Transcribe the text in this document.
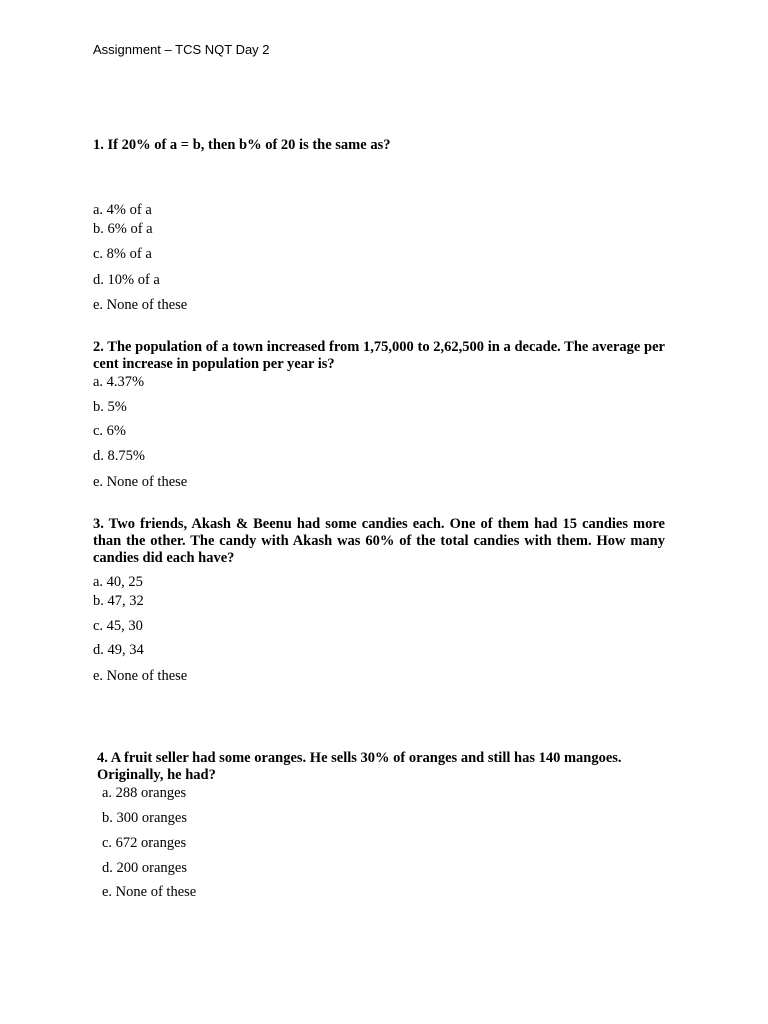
Assignment – TCS NQT Day 2
1. If 20% of a = b, then b% of 20 is the same as?
a. 4% of a
b. 6% of a
c. 8% of a
d. 10% of a
e. None of these
2. The population of a town increased from 1,75,000 to 2,62,500 in a decade. The average per cent increase in population per year is?
a. 4.37%
b. 5%
c. 6%
d. 8.75%
e. None of these
3. Two friends, Akash & Beenu had some candies each. One of them had 15 candies more than the other. The candy with Akash was 60% of the total candies with them. How many candies did each have?
a. 40, 25
b. 47, 32
c. 45, 30
d. 49, 34
e. None of these
4. A fruit seller had some oranges. He sells 30% of oranges and still has 140 mangoes. Originally, he had?
a. 288 oranges
b. 300 oranges
c. 672 oranges
d. 200 oranges
e. None of these
